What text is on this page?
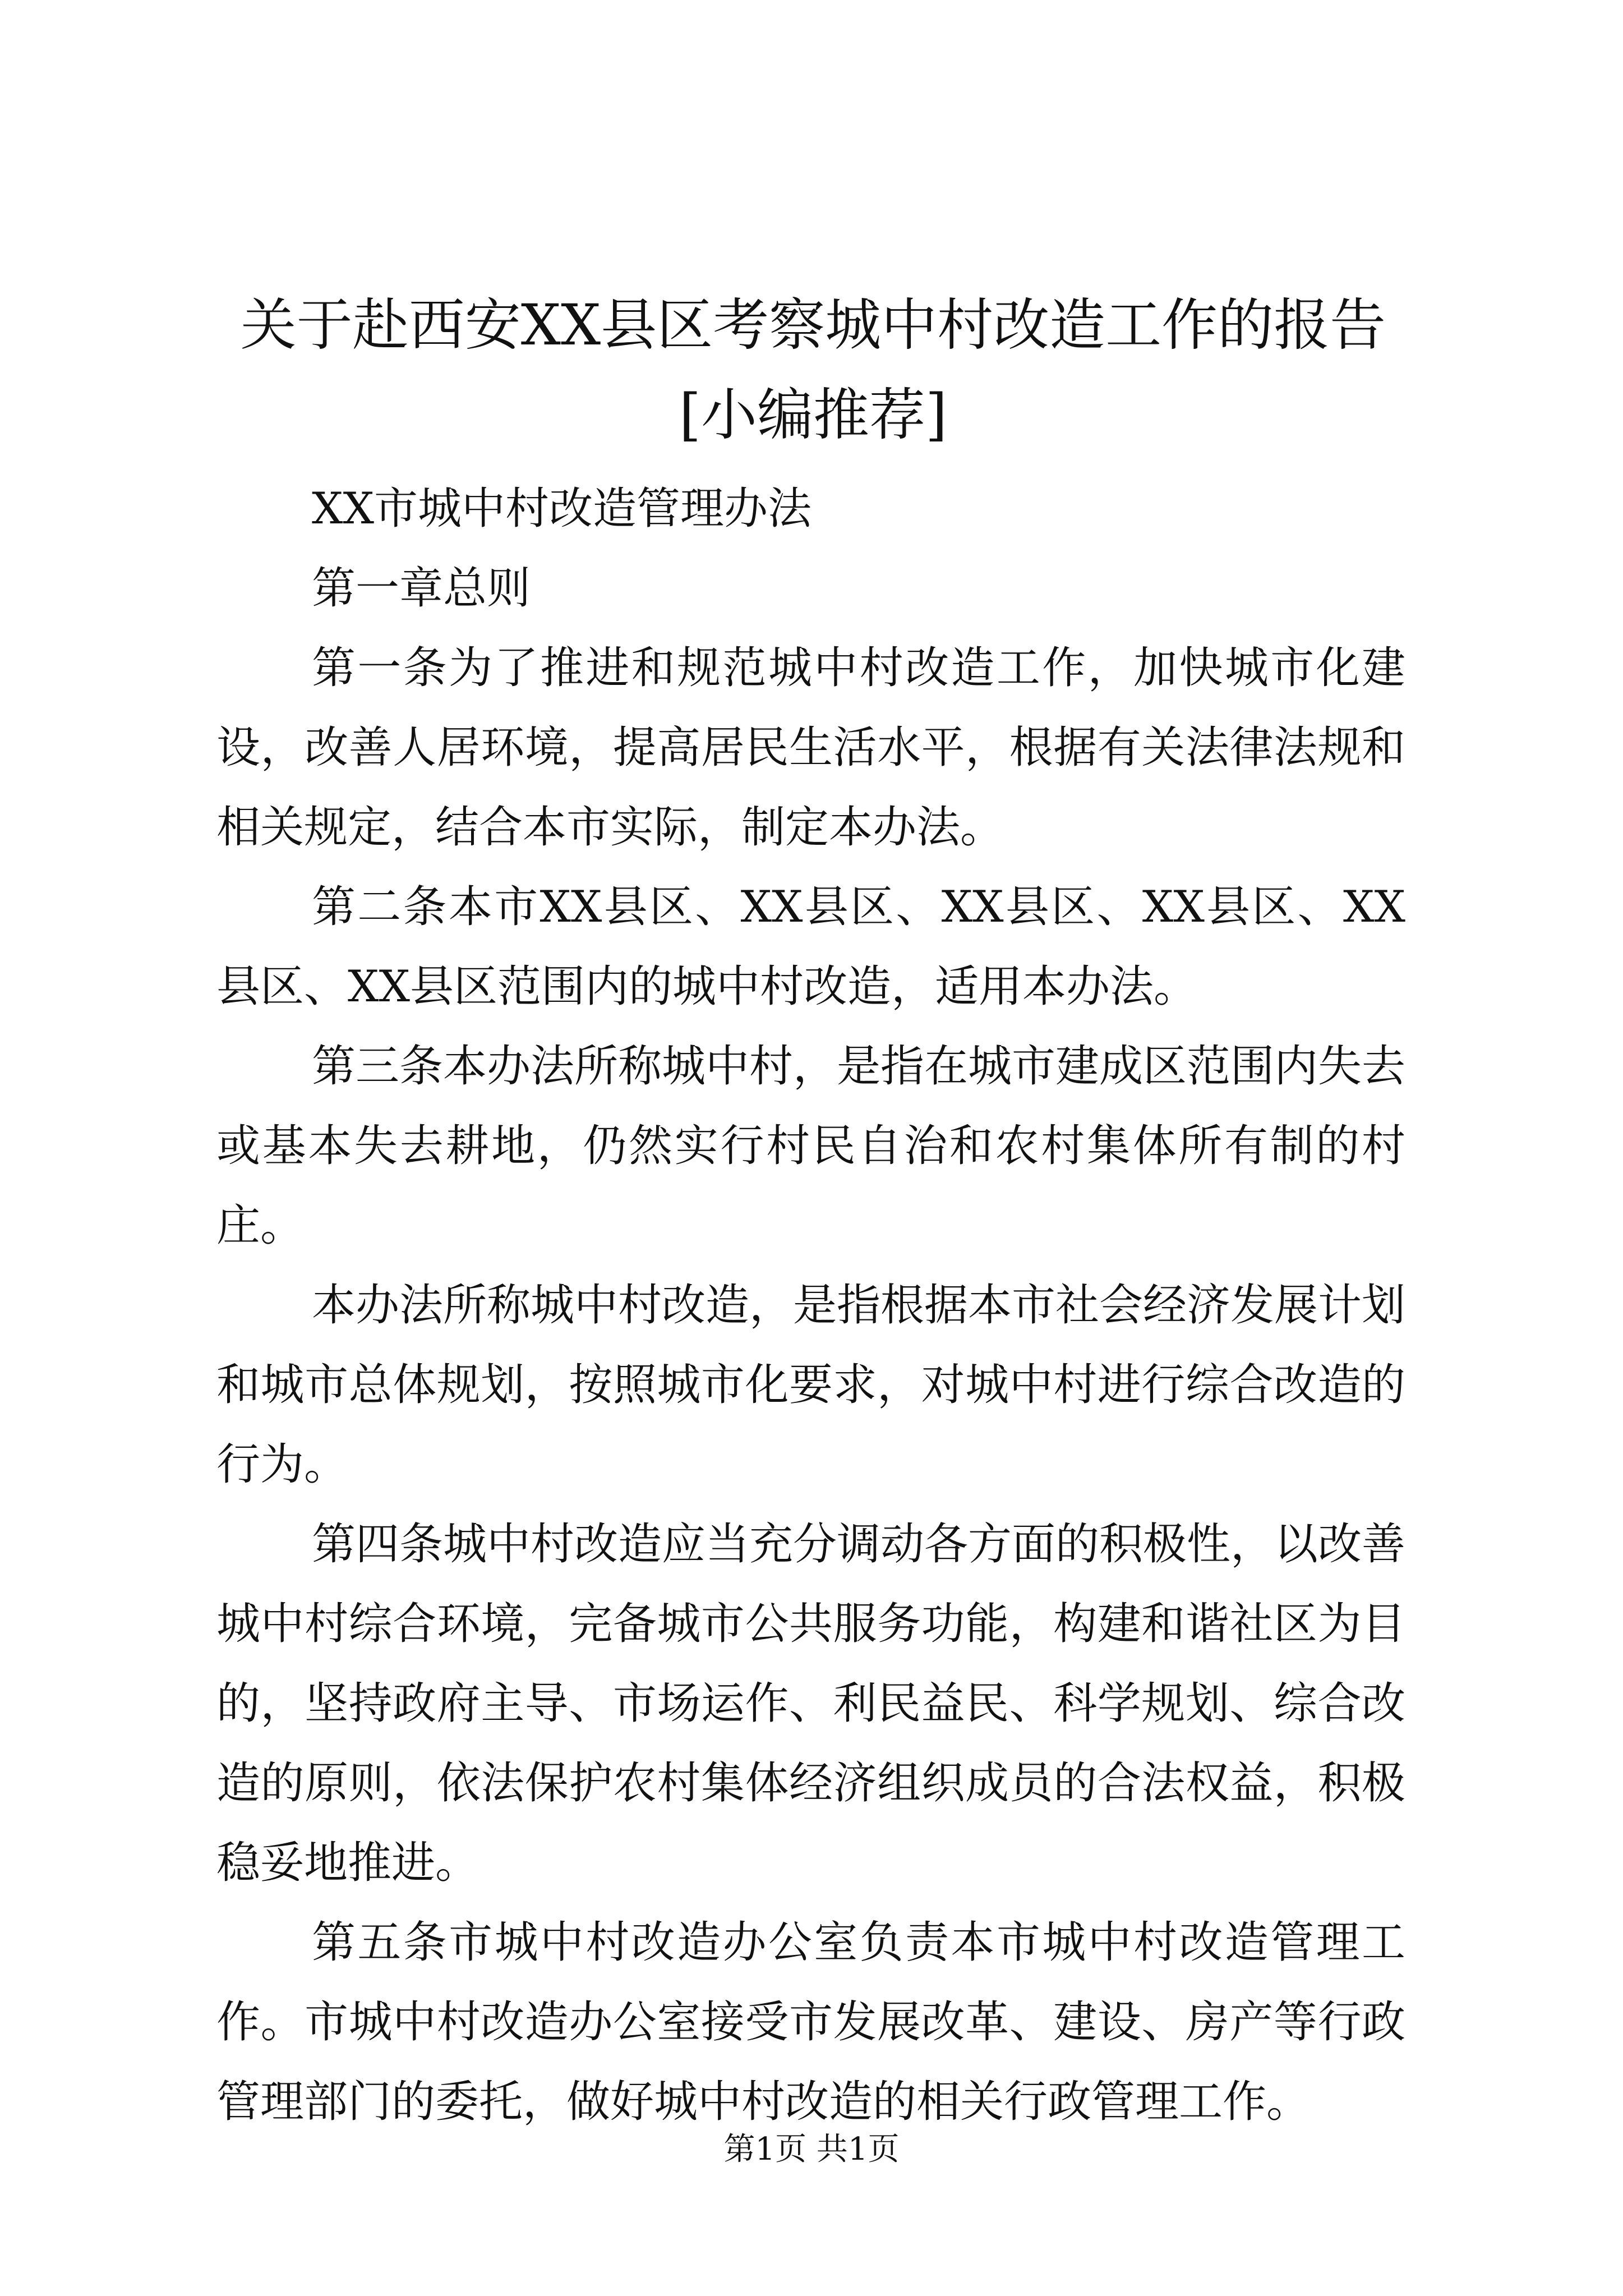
关于赴西安XX县区考察城中村改造工作的报告[小编推荐]

XX市城中村改造管理办法

第一章总则

第一条为了推进和规范城中村改造工作，加快城市化建设，改善人居环境，提高居民生活水平，根据有关法律法规和相关规定，结合本市实际，制定本办法。

第二条本市XX县区、XX县区、XX县区、XX县区、XX县区、XX县区范围内的城中村改造，适用本办法。

第三条本办法所称城中村，是指在城市建成区范围内失去或基本失去耕地，仍然实行村民自治和农村集体所有制的村庄。

本办法所称城中村改造，是指根据本市社会经济发展计划和城市总体规划，按照城市化要求，对城中村进行综合改造的行为。

第四条城中村改造应当充分调动各方面的积极性，以改善城中村综合环境，完备城市公共服务功能，构建和谐社区为目的，坚持政府主导、市场运作、利民益民、科学规划、综合改造的原则，依法保护农村集体经济组织成员的合法权益，积极稳妥地推进。

第五条市城中村改造办公室负责本市城中村改造管理工作。市城中村改造办公室接受市发展改革、建设、房产等行政管理部门的委托，做好城中村改造的相关行政管理工作。

第1页 共1页
